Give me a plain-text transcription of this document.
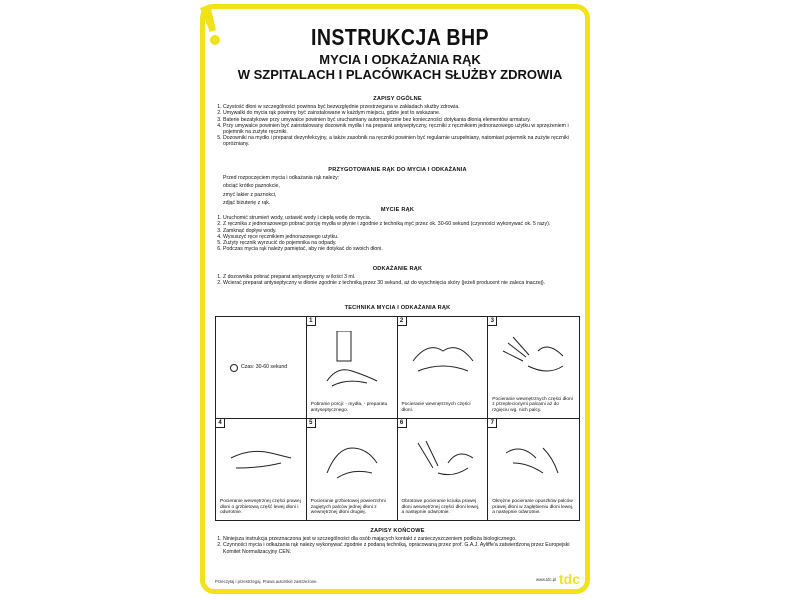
INSTRUKCJA BHP
MYCIA I ODKAŻANIA RĄK
W SZPITALACH I PLACÓWKACH SŁUŻBY ZDROWIA
ZAPISY OGÓLNE
1. Czystość dłoni w szczególności powinna być bezwzględnie przestrzegana w zakładach służby zdrowia.
2. Umywalki do mycia rąk powinny być zainstalowane w każdym miejscu, gdzie jest to wskazane.
3. Baterie bezatykowe przy umywalce powinien być uruchamiany automatycznie bez konieczności dotykania dłonią elementów armatury.
4. Przy umywalce powinien być zainstalowany dozownik mydła i na preparat antyseptyczny, ręczniki z ręcznikiem jednorazowego użytku w sprzężeniem i pojemnik na zużyte ręczniki.
5. Dozowniki na mydło i preparat dezynfekcyjny, a także zasobnik na ręczniki powinien być regularnie uzupełniany, natomiast pojemnik na zużyte ręczniki opróżniany.
PRZYGOTOWANIE RĄK DO MYCIA I ODKAŻANIA

Przed rozpoczęciem mycia i odkażania rąk należy:

obciąć krótko paznokcie,

zmyć lakier z paznokci,

zdjąć biżuterię z rąk.

MYCIE RĄK
1. Uruchomić strumień wody, ustawić wody i ciepłą wodę do mycia.
2. Z ręcznika z jednorazowego pobrać porcję mydła w płynie i zgodnie z techniką myć przez ok. 30-60 sekund (czynności wykonywać ok. 5 razy).
3. Zamknąć dopływ wody.
4. Wysuszyć ręce ręcznikiem jednorazowego użytku.
5. Zużyty ręcznik wyrzucić do pojemnika na odpady.
6. Podczas mycia rąk należy pamiętać, aby nie dotykać do swoich dłoni.
ODKAŻANIE RĄK
1. Z dozownika pobrać preparat antyseptyczny w ilości 3 ml.
2. Wcierać preparat antyseptyczny w dłonie zgodnie z techniką przez 30 sekund, aż do wyschnięcia skóry (jeżeli producent nie zaleca inaczej).
TECHNIKA MYCIA I ODKAŻANIA RĄK
Czas: 30-60 sekund
1
Pobranie porcji: - mydła, - preparatu antyseptycznego.
2
Pocieranie wewnętrznych części dłoni.
3
Pocieranie wewnętrznych części dłoni z przeplecionymi palcami aż do rzgięciu wg. nich palcy.
4
Pocieranie wewnętrznej części prawej dłoni o grzbietową część lewej dłoni i odwrotnie.
5
Pocieranie grzbietowej powierzchni zagiętych palców jednej dłoni z wewnętrznej dłoni drugiej.
6
Obrotowe pocieranie kciuka prawej dłoni wewnętrznej części dłoni lewej, a następnie odwrotnie.
7
Okrężne pocieranie opuszków palców prawej dłoni w zagłębieniu dłoni lewej, a następnie odwrotnie.
ZAPISY KOŃCOWE
1. Niniejsza instrukcja przeznaczona jest w szczególności dla osób mających kontakt z zanieczyszczeniem podłoża biologicznego.
2. Czynności mycia i odkażania rąk należy wykonywać zgodnie z podaną techniką, opracowaną przez prof. G.A.J. Ayliffe'a zatwierdzoną przez Europejski Komitet Normalizacyjny CEN.
Przeczytaj i przestrzegaj. Prawa autorskie zastrzeżone.	www.tdc.pl tdc
